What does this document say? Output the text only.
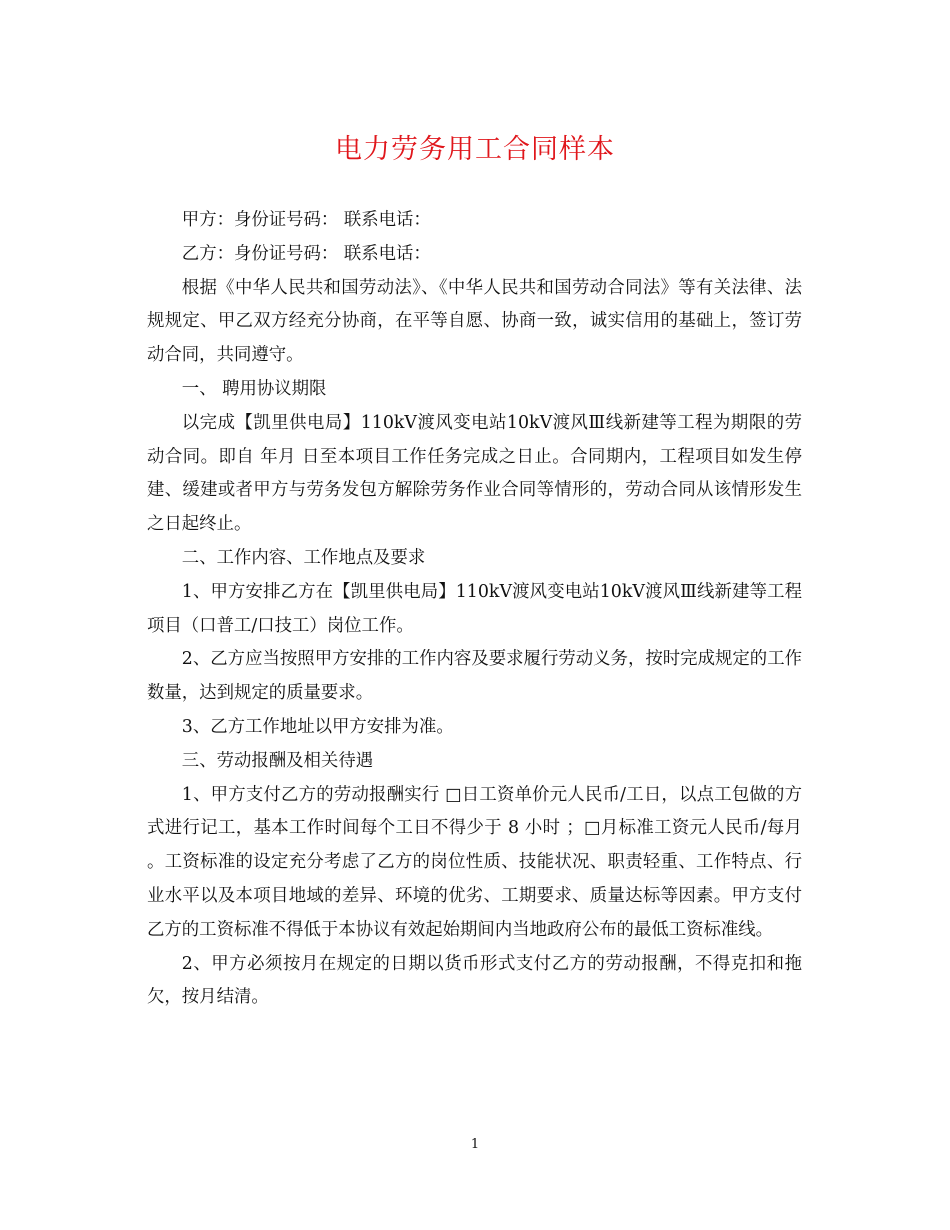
电力劳务用工合同样本

甲方：身份证号码： 联系电话：

乙方：身份证号码： 联系电话：

根据《中华人民共和国劳动法》、《中华人民共和国劳动合同法》等有关法律、法规规定、甲乙双方经充分协商，在平等自愿、协商一致，诚实信用的基础上，签订劳动合同，共同遵守。

一、 聘用协议期限

以完成【凯里供电局】110kV渡风变电站10kV渡风Ⅲ线新建等工程为期限的劳动合同。即自 年月 日至本项目工作任务完成之日止。合同期内，工程项目如发生停建、缓建或者甲方与劳务发包方解除劳务作业合同等情形的，劳动合同从该情形发生之日起终止。

二、工作内容、工作地点及要求

1、甲方安排乙方在【凯里供电局】110kV渡风变电站10kV渡风Ⅲ线新建等工程项目（口普工/口技工）岗位工作。

2、乙方应当按照甲方安排的工作内容及要求履行劳动义务，按时完成规定的工作数量，达到规定的质量要求。

3、乙方工作地址以甲方安排为准。

三、劳动报酬及相关待遇

1、甲方支付乙方的劳动报酬实行 □日工资单价元人民币/工日，以点工包做的方式进行记工，基本工作时间每个工日不得少于 8 小时 ；□月标准工资元人民币/每月 。工资标准的设定充分考虑了乙方的岗位性质、技能状况、职责轻重、工作特点、行业水平以及本项目地域的差异、环境的优劣、工期要求、质量达标等因素。甲方支付乙方的工资标准不得低于本协议有效起始期间内当地政府公布的最低工资标准线。

2、甲方必须按月在规定的日期以货币形式支付乙方的劳动报酬，不得克扣和拖欠，按月结清。

1
